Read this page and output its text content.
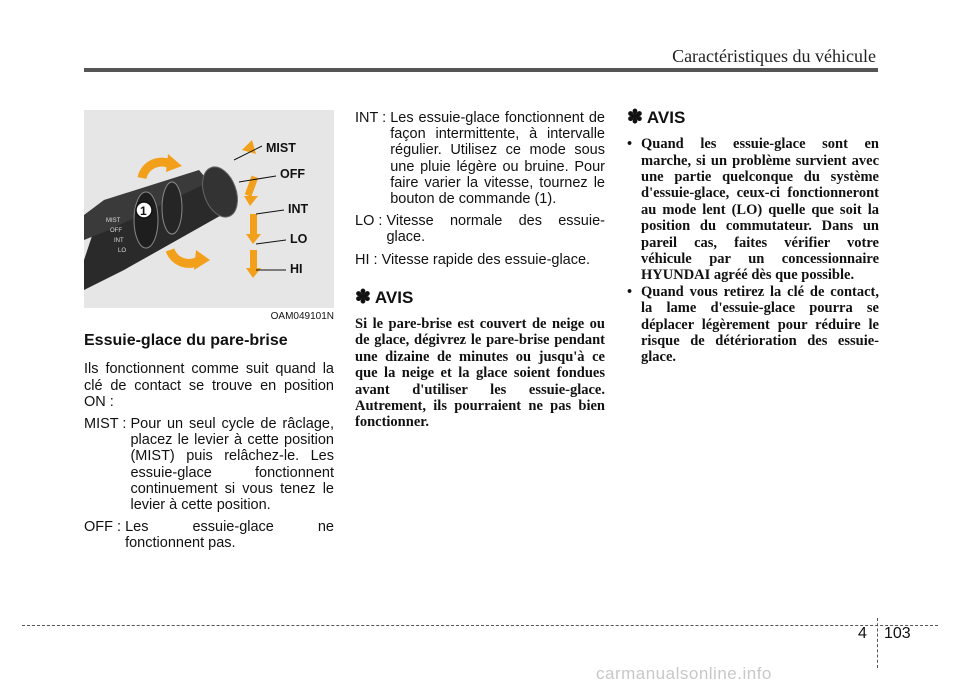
Caractéristiques du véhicule
MIST
OFF
INT
LO
1
MIST
OFF
INT
LO
HI
OAM049101N
Essuie-glace du pare-brise

Ils fonctionnent comme suit quand la clé de contact se trouve en position ON :

MIST : Pour un seul cycle de râclage, placez le levier à cette position (MIST) puis relâchez-le. Les essuie-glace fonctionnent continuement si vous tenez le levier à cette position.
OFF : Les essuie-glace ne fonctionnent pas.
INT : Les essuie-glace fonctionnent de façon intermittente, à intervalle régulier. Utilisez ce mode sous une pluie légère ou bruine. Pour faire varier la vitesse, tournez le bouton de commande (1).
LO : Vitesse normale des essuie-glace.
HI : Vitesse rapide des essuie-glace.
✽ AVIS
Si le pare-brise est couvert de neige ou de glace, dégivrez le pare-brise pendant une dizaine de minutes ou jusqu'à ce que la neige et la glace soient fondues avant d'utiliser les essuie-glace. Autrement, ils pourraient ne pas bien fonctionner.
✽ AVIS
• Quand les essuie-glace sont en marche, si un problème survient avec une partie quelconque du système d'essuie-glace, ceux-ci fonctionneront au mode lent (LO) quelle que soit la position du commutateur. Dans un pareil cas, faites vérifier votre véhicule par un concessionnaire HYUNDAI agréé dès que possible.
• Quand vous retirez la clé de contact, la lame d'essuie-glace pourra se déplacer légèrement pour réduire le risque de détérioration des essuie-glace.
4 103
carmanualsonline.info
